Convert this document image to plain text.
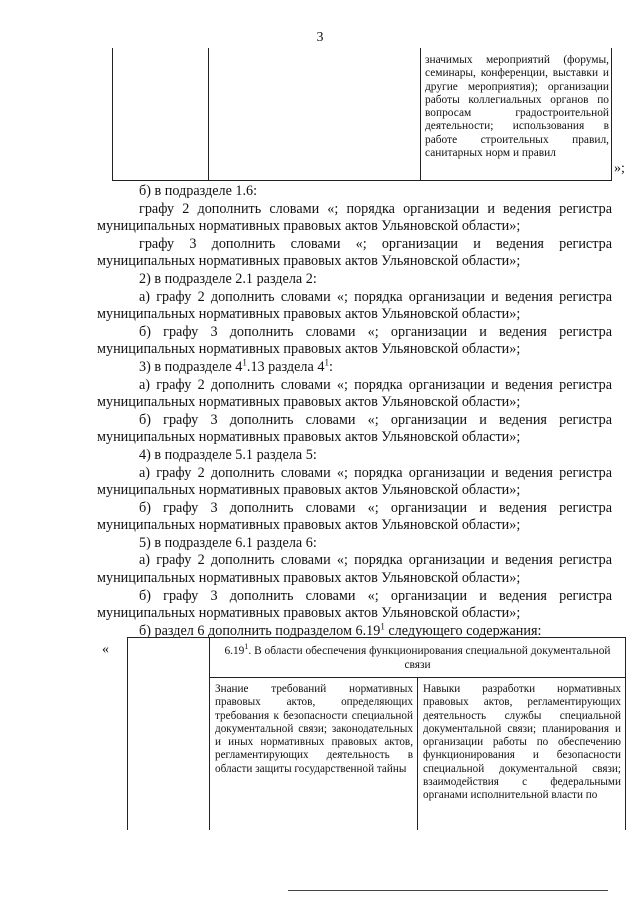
3
значимых мероприятий (форумы, семинары, конференции, выставки и другие мероприятия); организации работы коллегиальных органов по вопросам градостроительной деятельности; использования в работе строительных правил, санитарных норм и правил
»;

б) в подразделе 1.6:

графу 2 дополнить словами «; порядка организации и ведения регистра муниципальных нормативных правовых актов Ульяновской области»;

графу 3 дополнить словами «; организации и ведения регистра муниципальных нормативных правовых актов Ульяновской области»;

2) в подразделе 2.1 раздела 2:

а) графу 2 дополнить словами «; порядка организации и ведения регистра муниципальных нормативных правовых актов Ульяновской области»;

б) графу 3 дополнить словами «; организации и ведения регистра муниципальных нормативных правовых актов Ульяновской области»;

3) в подразделе $4^1.13$ раздела $4^1$:

а) графу 2 дополнить словами «; порядка организации и ведения регистра муниципальных нормативных правовых актов Ульяновской области»;

б) графу 3 дополнить словами «; организации и ведения регистра муниципальных нормативных правовых актов Ульяновской области»;

4) в подразделе 5.1 раздела 5:

а) графу 2 дополнить словами «; порядка организации и ведения регистра муниципальных нормативных правовых актов Ульяновской области»;

б) графу 3 дополнить словами «; организации и ведения регистра муниципальных нормативных правовых актов Ульяновской области»;

5) в подразделе 6.1 раздела 6:

а) графу 2 дополнить словами «; порядка организации и ведения регистра муниципальных нормативных правовых актов Ульяновской области»;

б) графу 3 дополнить словами «; организации и ведения регистра муниципальных нормативных правовых актов Ульяновской области»;

б) раздел 6 дополнить подразделом 6.19$^1$ следующего содержания:

«	6.19$^1$. В области обеспечения функционирования специальной документальной связи
Знание требований нормативных правовых актов, определяющих требования к безопасности специальной документальной связи; законодательных и иных нормативных правовых актов, регламентирующих деятельность в области защиты государственной тайны
Навыки разработки нормативных правовых актов, регламентирующих деятельность службы специальной документальной связи; планирования и организации работы по обеспечению функционирования и безопасности специальной документальной связи; взаимодействия с федеральными органами исполнительной власти по
